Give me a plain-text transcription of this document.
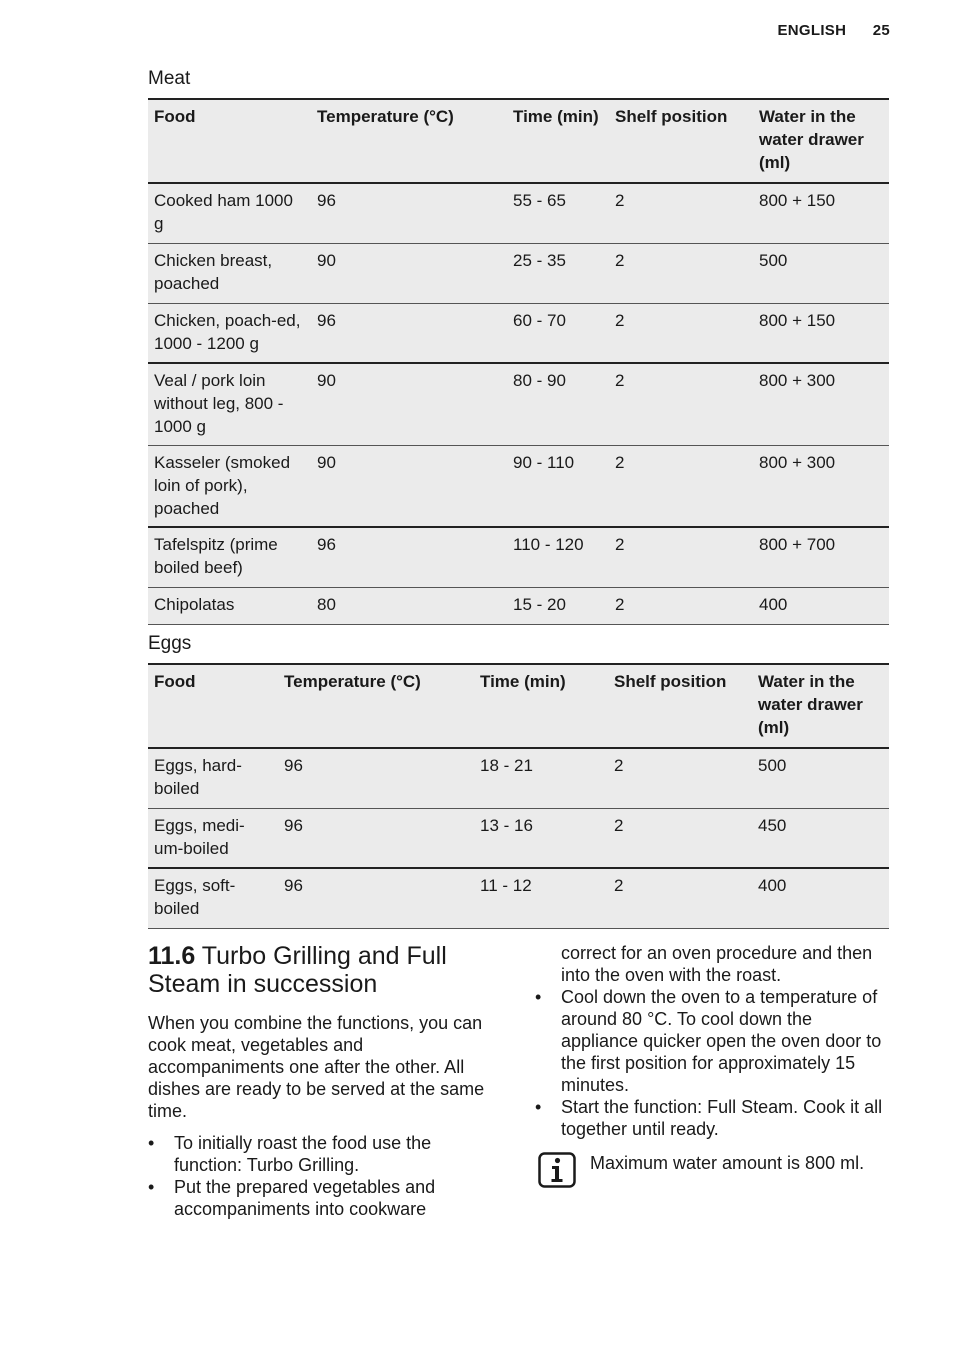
ENGLISH 25
Meat
Food	Temperature (°C)	Time (min)	Shelf position	Water in the water drawer (ml)
Cooked ham 1000 g	96	55 - 65	2	800 + 150
Chicken breast, poached	90	25 - 35	2	500
Chicken, poach-ed, 1000 - 1200 g	96	60 - 70	2	800 + 150
Veal / pork loin without leg, 800 - 1000 g	90	80 - 90	2	800 + 300
Kasseler (smoked loin of pork), poached	90	90 - 110	2	800 + 300
Tafelspitz (prime boiled beef)	96	110 - 120	2	800 + 700
Chipolatas	80	15 - 20	2	400
Eggs
Food	Temperature (°C)	Time (min)	Shelf position	Water in the water drawer (ml)
Eggs, hard-boiled	96	18 - 21	2	500
Eggs, medi-um-boiled	96	13 - 16	2	450
Eggs, soft-boiled	96	11 - 12	2	400
11.6 Turbo Grilling and Full Steam in succession

When you combine the functions, you can cook meat, vegetables and accompaniments one after the other. All dishes are ready to be served at the same time.

• To initially roast the food use the function: Turbo Grilling.
• Put the prepared vegetables and accompaniments into cookware

correct for an oven procedure and then into the oven with the roast.

• Cool down the oven to a temperature of around 80 °C. To cool down the appliance quicker open the oven door to the first position for approximately 15 minutes.
• Start the function: Full Steam. Cook it all together until ready.
Maximum water amount is 800 ml.
